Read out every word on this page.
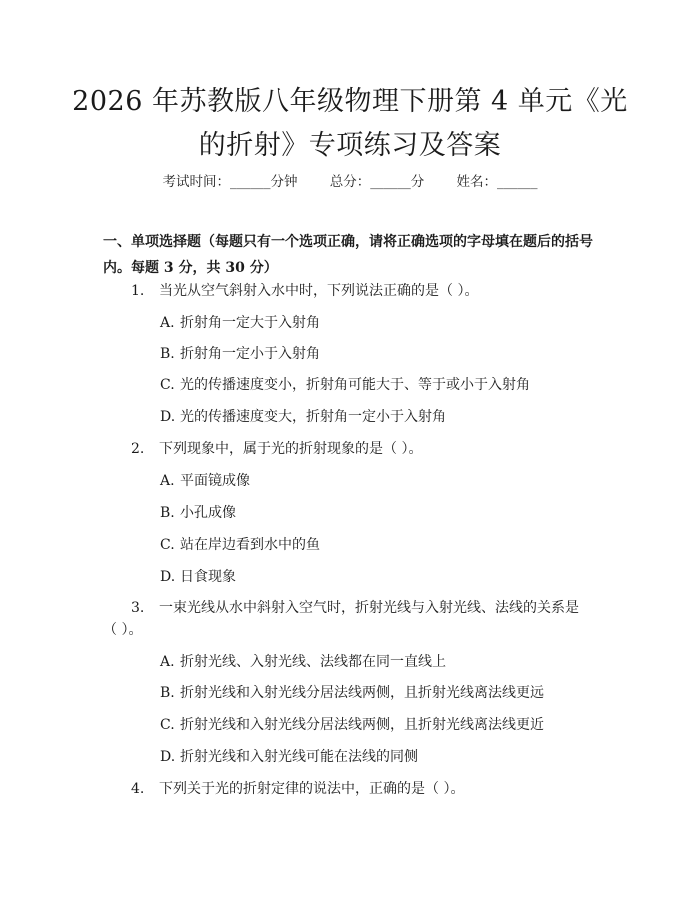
2026 年苏教版八年级物理下册第 4 单元《光
的折射》专项练习及答案
考试时间：______分钟 总分：______分 姓名：______
一、单项选择题（每题只有一个选项正确，请将正确选项的字母填在题后的括号
内。每题 3 分，共 30 分）
1. 当光从空气斜射入水中时，下列说法正确的是（ ）。
A. 折射角一定大于入射角
B. 折射角一定小于入射角
C. 光的传播速度变小，折射角可能大于、等于或小于入射角
D. 光的传播速度变大，折射角一定小于入射角
2. 下列现象中，属于光的折射现象的是（ ）。
A. 平面镜成像
B. 小孔成像
C. 站在岸边看到水中的鱼
D. 日食现象
3. 一束光线从水中斜射入空气时，折射光线与入射光线、法线的关系是
（ ）。
A. 折射光线、入射光线、法线都在同一直线上
B. 折射光线和入射光线分居法线两侧，且折射光线离法线更远
C. 折射光线和入射光线分居法线两侧，且折射光线离法线更近
D. 折射光线和入射光线可能在法线的同侧
4. 下列关于光的折射定律的说法中，正确的是（ ）。
